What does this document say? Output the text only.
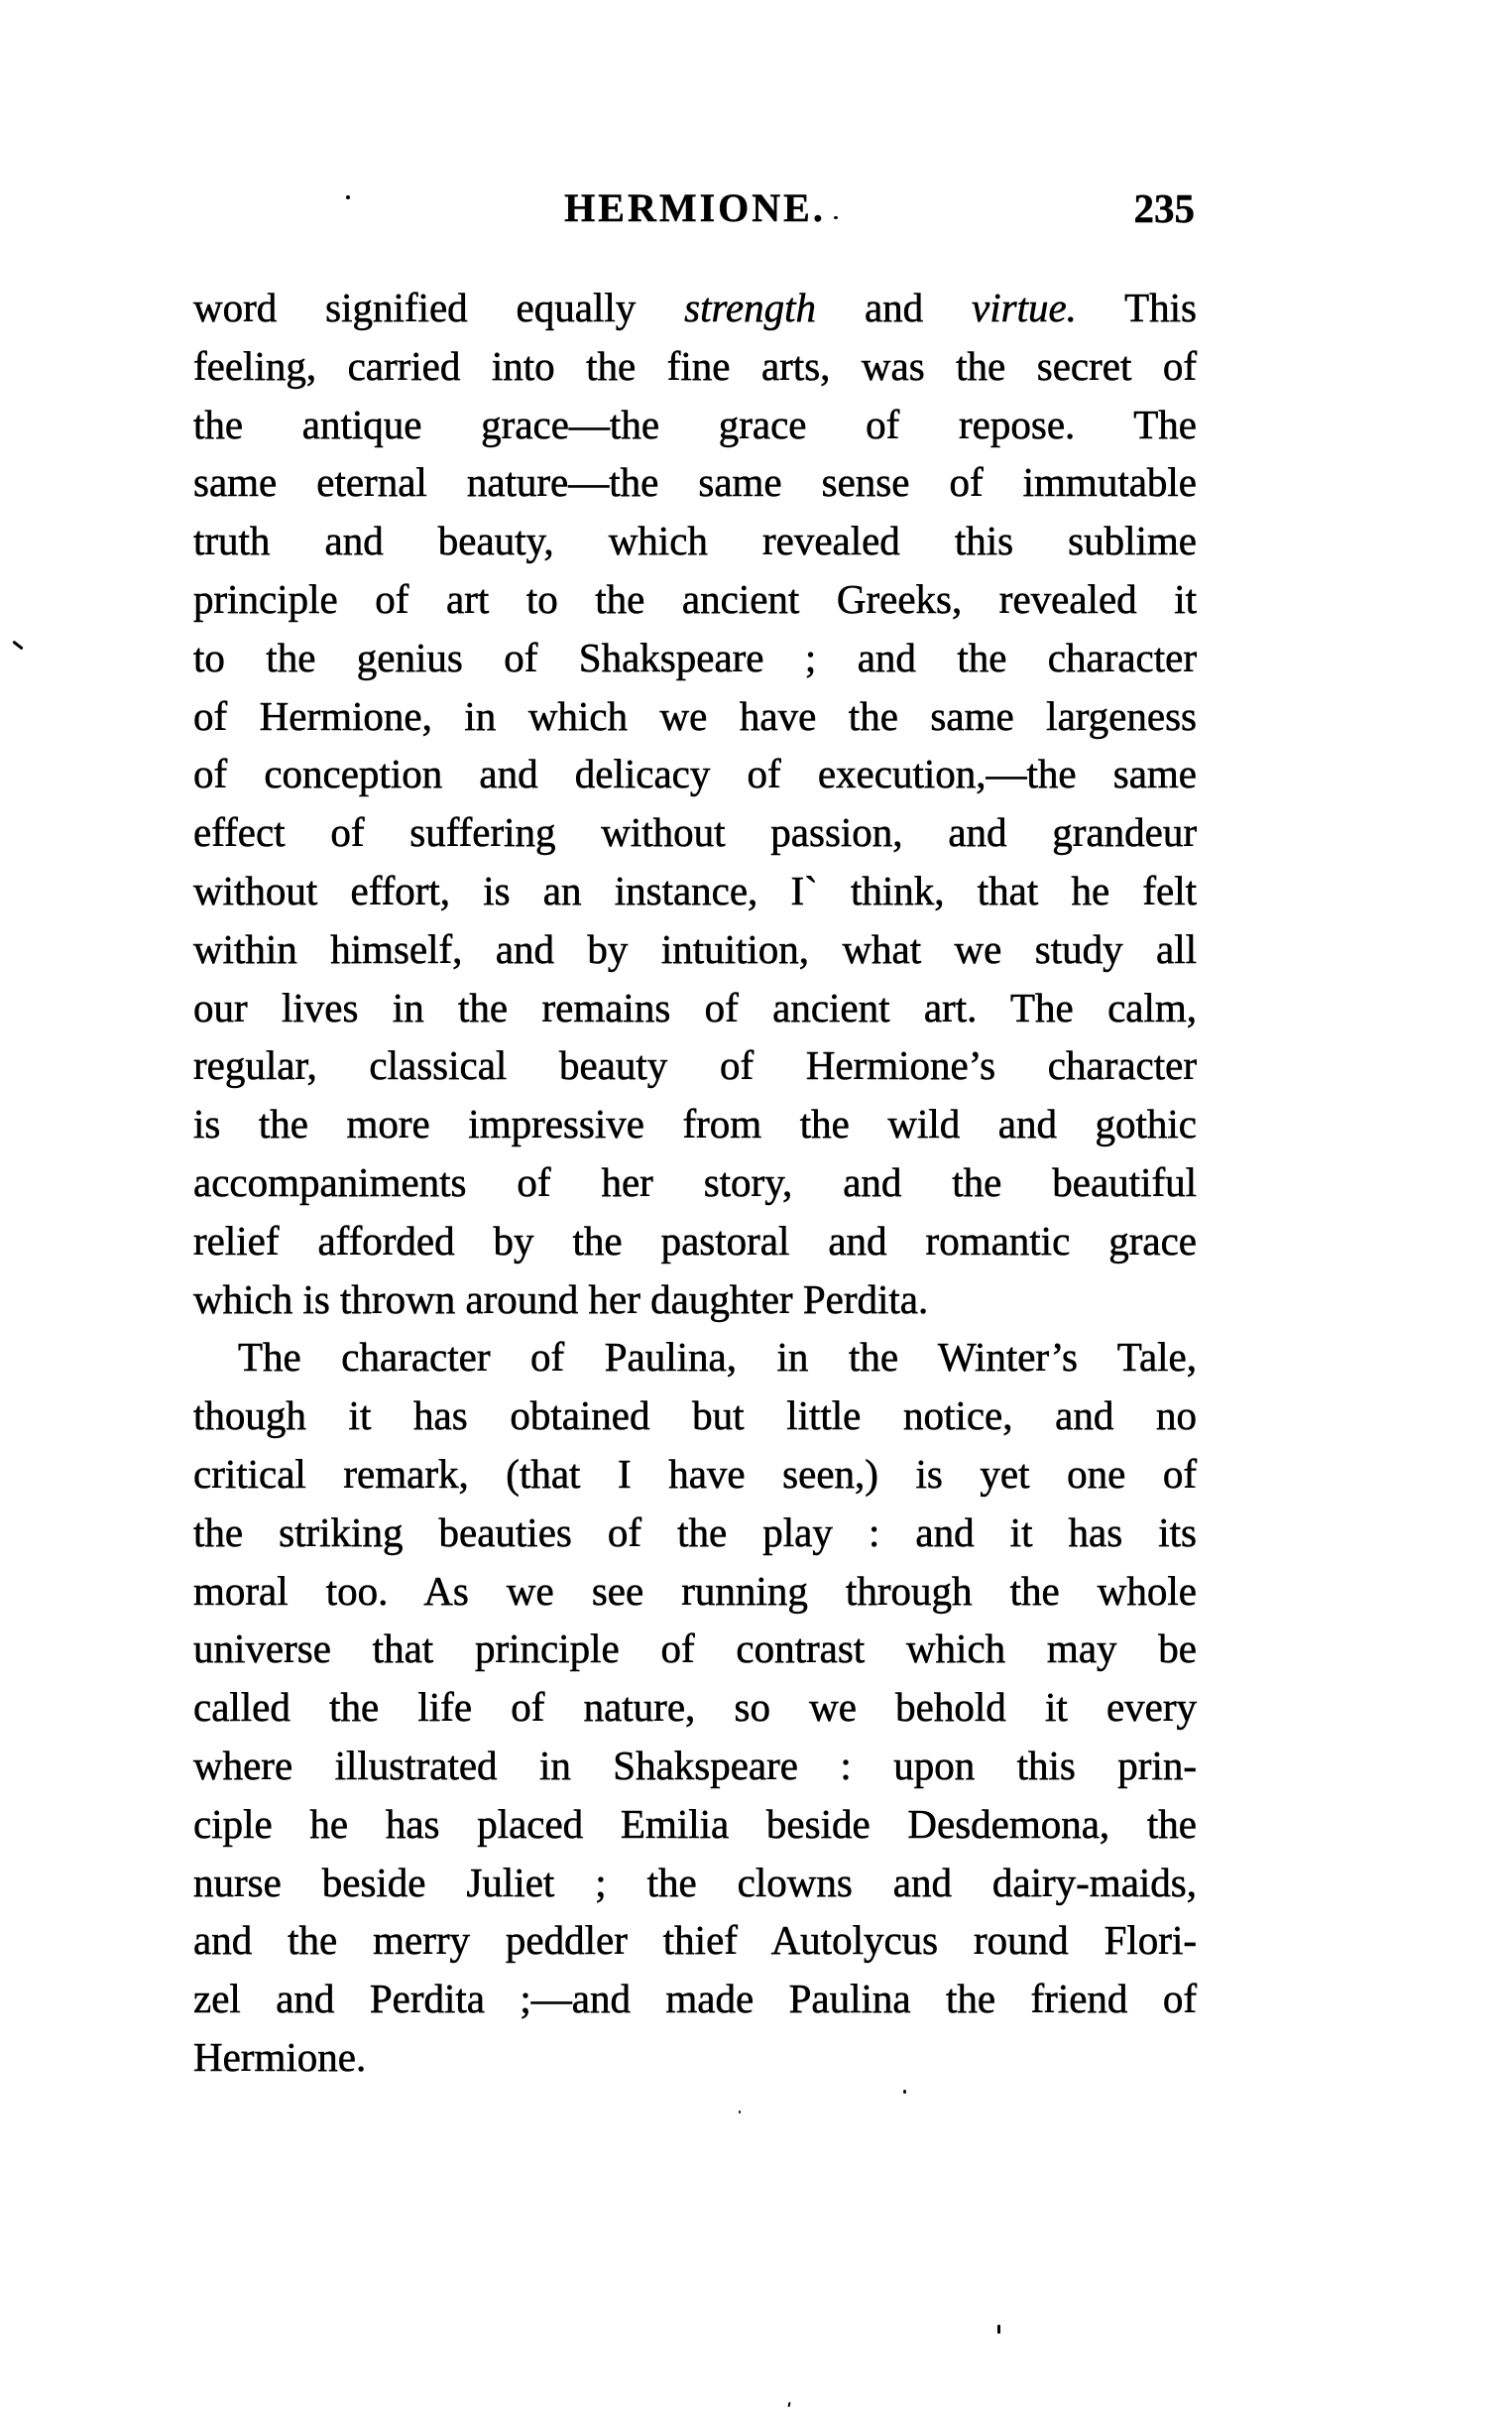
HERMIONE.	235
word signified equally strength and virtue. This
feeling, carried into the fine arts, was the secret of
the antique grace—the grace of repose. The
same eternal nature—the same sense of immutable
truth and beauty, which revealed this sublime
principle of art to the ancient Greeks, revealed it
to the genius of Shakspeare ; and the character
of Hermione, in which we have the same largeness
of conception and delicacy of execution,—the same
effect of suffering without passion, and grandeur
without effort, is an instance, I` think, that he felt
within himself, and by intuition, what we study all
our lives in the remains of ancient art. The calm,
regular, classical beauty of Hermione’s character
is the more impressive from the wild and gothic
accompaniments of her story, and the beautiful
relief afforded by the pastoral and romantic grace
which is thrown around her daughter Perdita.
The character of Paulina, in the Winter’s Tale,
though it has obtained but little notice, and no
critical remark, (that I have seen,) is yet one of
the striking beauties of the play : and it has its
moral too. As we see running through the whole
universe that principle of contrast which may be
called the life of nature, so we behold it every
where illustrated in Shakspeare : upon this prin-
ciple he has placed Emilia beside Desdemona, the
nurse beside Juliet ; the clowns and dairy-maids,
and the merry peddler thief Autolycus round Flori-
zel and Perdita ;—and made Paulina the friend of
Hermione.
